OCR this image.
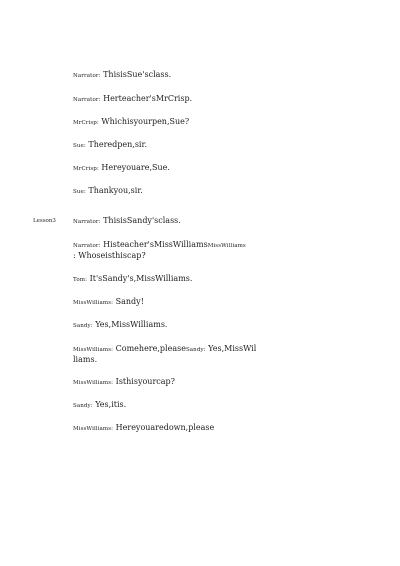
Narrator: ThisisSue'sclass.
Narrator: Herteacher'sMrCrisp.
MrCrisp: Whichisyourpen,Sue?
Sue: Theredpen,sir.
MrCrisp: Hereyouare,Sue.
Sue: Thankyou,sir.
Lesson3	Narrator: ThisisSandy'sclass.
Narrator: Histeacher'sMissWilliamsMissWilliams
: Whoseisthiscap?
Tom: It'sSandy's,MissWilliams.
MissWilliams: Sandy!
Sandy: Yes,MissWilliams.
MissWilliams: Comehere,pleaseSandy: Yes,MissWil
liams.
MissWilliams: Isthisyourcap?
Sandy: Yes,itis.
MissWilliams: Hereyouaredown,please
